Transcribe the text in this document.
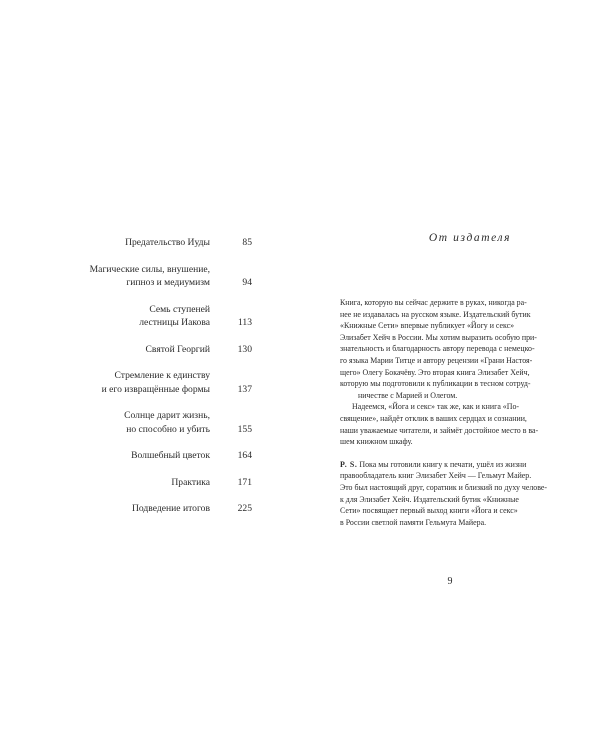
Предательство Иуды	85
Магические силы, внушение,
гипноз и медиумизм	94
Семь ступеней
лестницы Иакова	113
Святой Георгий	130
Стремление к единству
и его извращённые формы	137
Солнце дарит жизнь,
но способно и убить	155
Волшебный цветок	164
Практика	171
Подведение итогов	225
От издателя

Книга, которую вы сейчас держите в руках, никогда ра-
нее не издавалась на русском языке. Издательский бутик
«Книжные Сети» впервые публикует «Йогу и секс»
Элизабет Хейч в России. Мы хотим выразить особую при-
знательность и благодарность автору перевода с немецко-
го языка Марии Титце и автору рецензии «Грани Настоя-
щего» Олегу Бокачёву. Это вторая книга Элизабет Хейч,
которую мы подготовили к публикации в тесном сотруд-
ничестве с Марией и Олегом.

Надеемся, «Йога и секс» так же, как и книга «По-
священие», найдёт отклик в ваших сердцах и сознании,
наши уважаемые читатели, и займёт достойное место в ва-
шем книжном шкафу.

P. S. Пока мы готовили книгу к печати, ушёл из жизни
правообладатель книг Элизабет Хейч — Гельмут Майер.
Это был настоящий друг, соратник и близкий по духу челове-
к для Элизабет Хейч. Издательский бутик «Книжные
Сети» посвящает первый выход книги «Йога и секс»
в России светлой памяти Гельмута Майера.

9
